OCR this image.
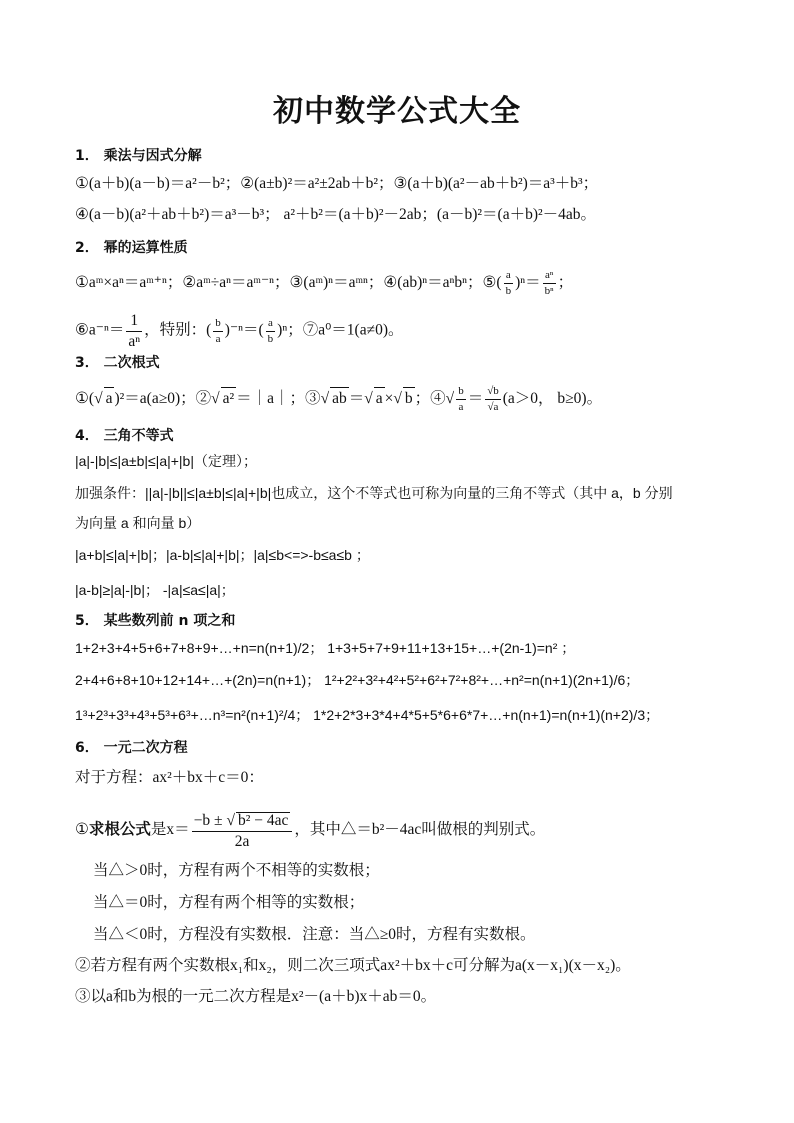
初中数学公式大全
1． 乘法与因式分解
①(a＋b)(a－b)＝a²－b²；②(a±b)²＝a²±2ab＋b²；③(a＋b)(a²－ab＋b²)＝a³＋b³；
④(a－b)(a²＋ab＋b²)＝a³－b³； a²＋b²＝(a＋b)²－2ab；(a－b)²＝(a＋b)²－4ab。
2． 幂的运算性质
①aᵐ×aⁿ＝aᵐ⁺ⁿ；②aᵐ÷aⁿ＝aᵐ⁻ⁿ；③(aᵐ)ⁿ＝aᵐⁿ；④(ab)ⁿ＝aⁿbⁿ；⑤( $\frac{a}{b} )^n= \frac{\text{aⁿ}}{\text{bⁿ}}$ ；
⑥a⁻ⁿ＝ $\frac{1}{\text{aⁿ}}$ ，特别：( $\frac{b}{a} )^{-n}=( \frac{a}{b} )^n$；⑦a⁰＝1(a≠0)。
3． 二次根式
①(√ a )²＝a(a≥0)；②√ a² ＝｜a｜；③√ ab ＝√ a ×√ b ；④√ $\frac{b}{a} = \frac{√b}{√a} (a>0$， b≥0)。
4． 三角不等式
|a|-|b|≤|a±b|≤|a|+|b|（定理）；
加强条件：||a|-|b||≤|a±b|≤|a|+|b|也成立，这个不等式也可称为向量的三角不等式（其中 a，b 分别
为向量 a 和向量 b）
|a+b|≤|a|+|b|；|a-b|≤|a|+|b|；|a|≤b<=>-b≤a≤b ；
|a-b|≥|a|-|b|； -|a|≤a≤|a|；
5． 某些数列前 n 项之和
1+2+3+4+5+6+7+8+9+…+n=n(n+1)/2； 1+3+5+7+9+11+13+15+…+(2n-1)=n² ；
2+4+6+8+10+12+14+…+(2n)=n(n+1)； 1²+2²+3²+4²+5²+6²+7²+8²+…+n²=n(n+1)(2n+1)/6；
1³+2³+3³+4³+5³+6³+…n³=n²(n+1)²/4； 1*2+2*3+3*4+4*5+5*6+6*7+…+n(n+1)=n(n+1)(n+2)/3；
6． 一元二次方程
对于方程：ax²＋bx＋c＝0：
①求根公式是$x= \frac{\text{−b ± √ b² − 4ac}}{2a}$ ，其中△＝b²－4ac叫做根的判别式。
当△＞0时，方程有两个不相等的实数根；
当△＝0时，方程有两个相等的实数根；
当△＜0时，方程没有实数根．注意：当△≥0时，方程有实数根。
②若方程有两个实数根x₁和x₂，则二次三项式ax²＋bx＋c可分解为a(x－x₁)(x－x₂)。
③以a和b为根的一元二次方程是x²－(a＋b)x＋ab＝0。
